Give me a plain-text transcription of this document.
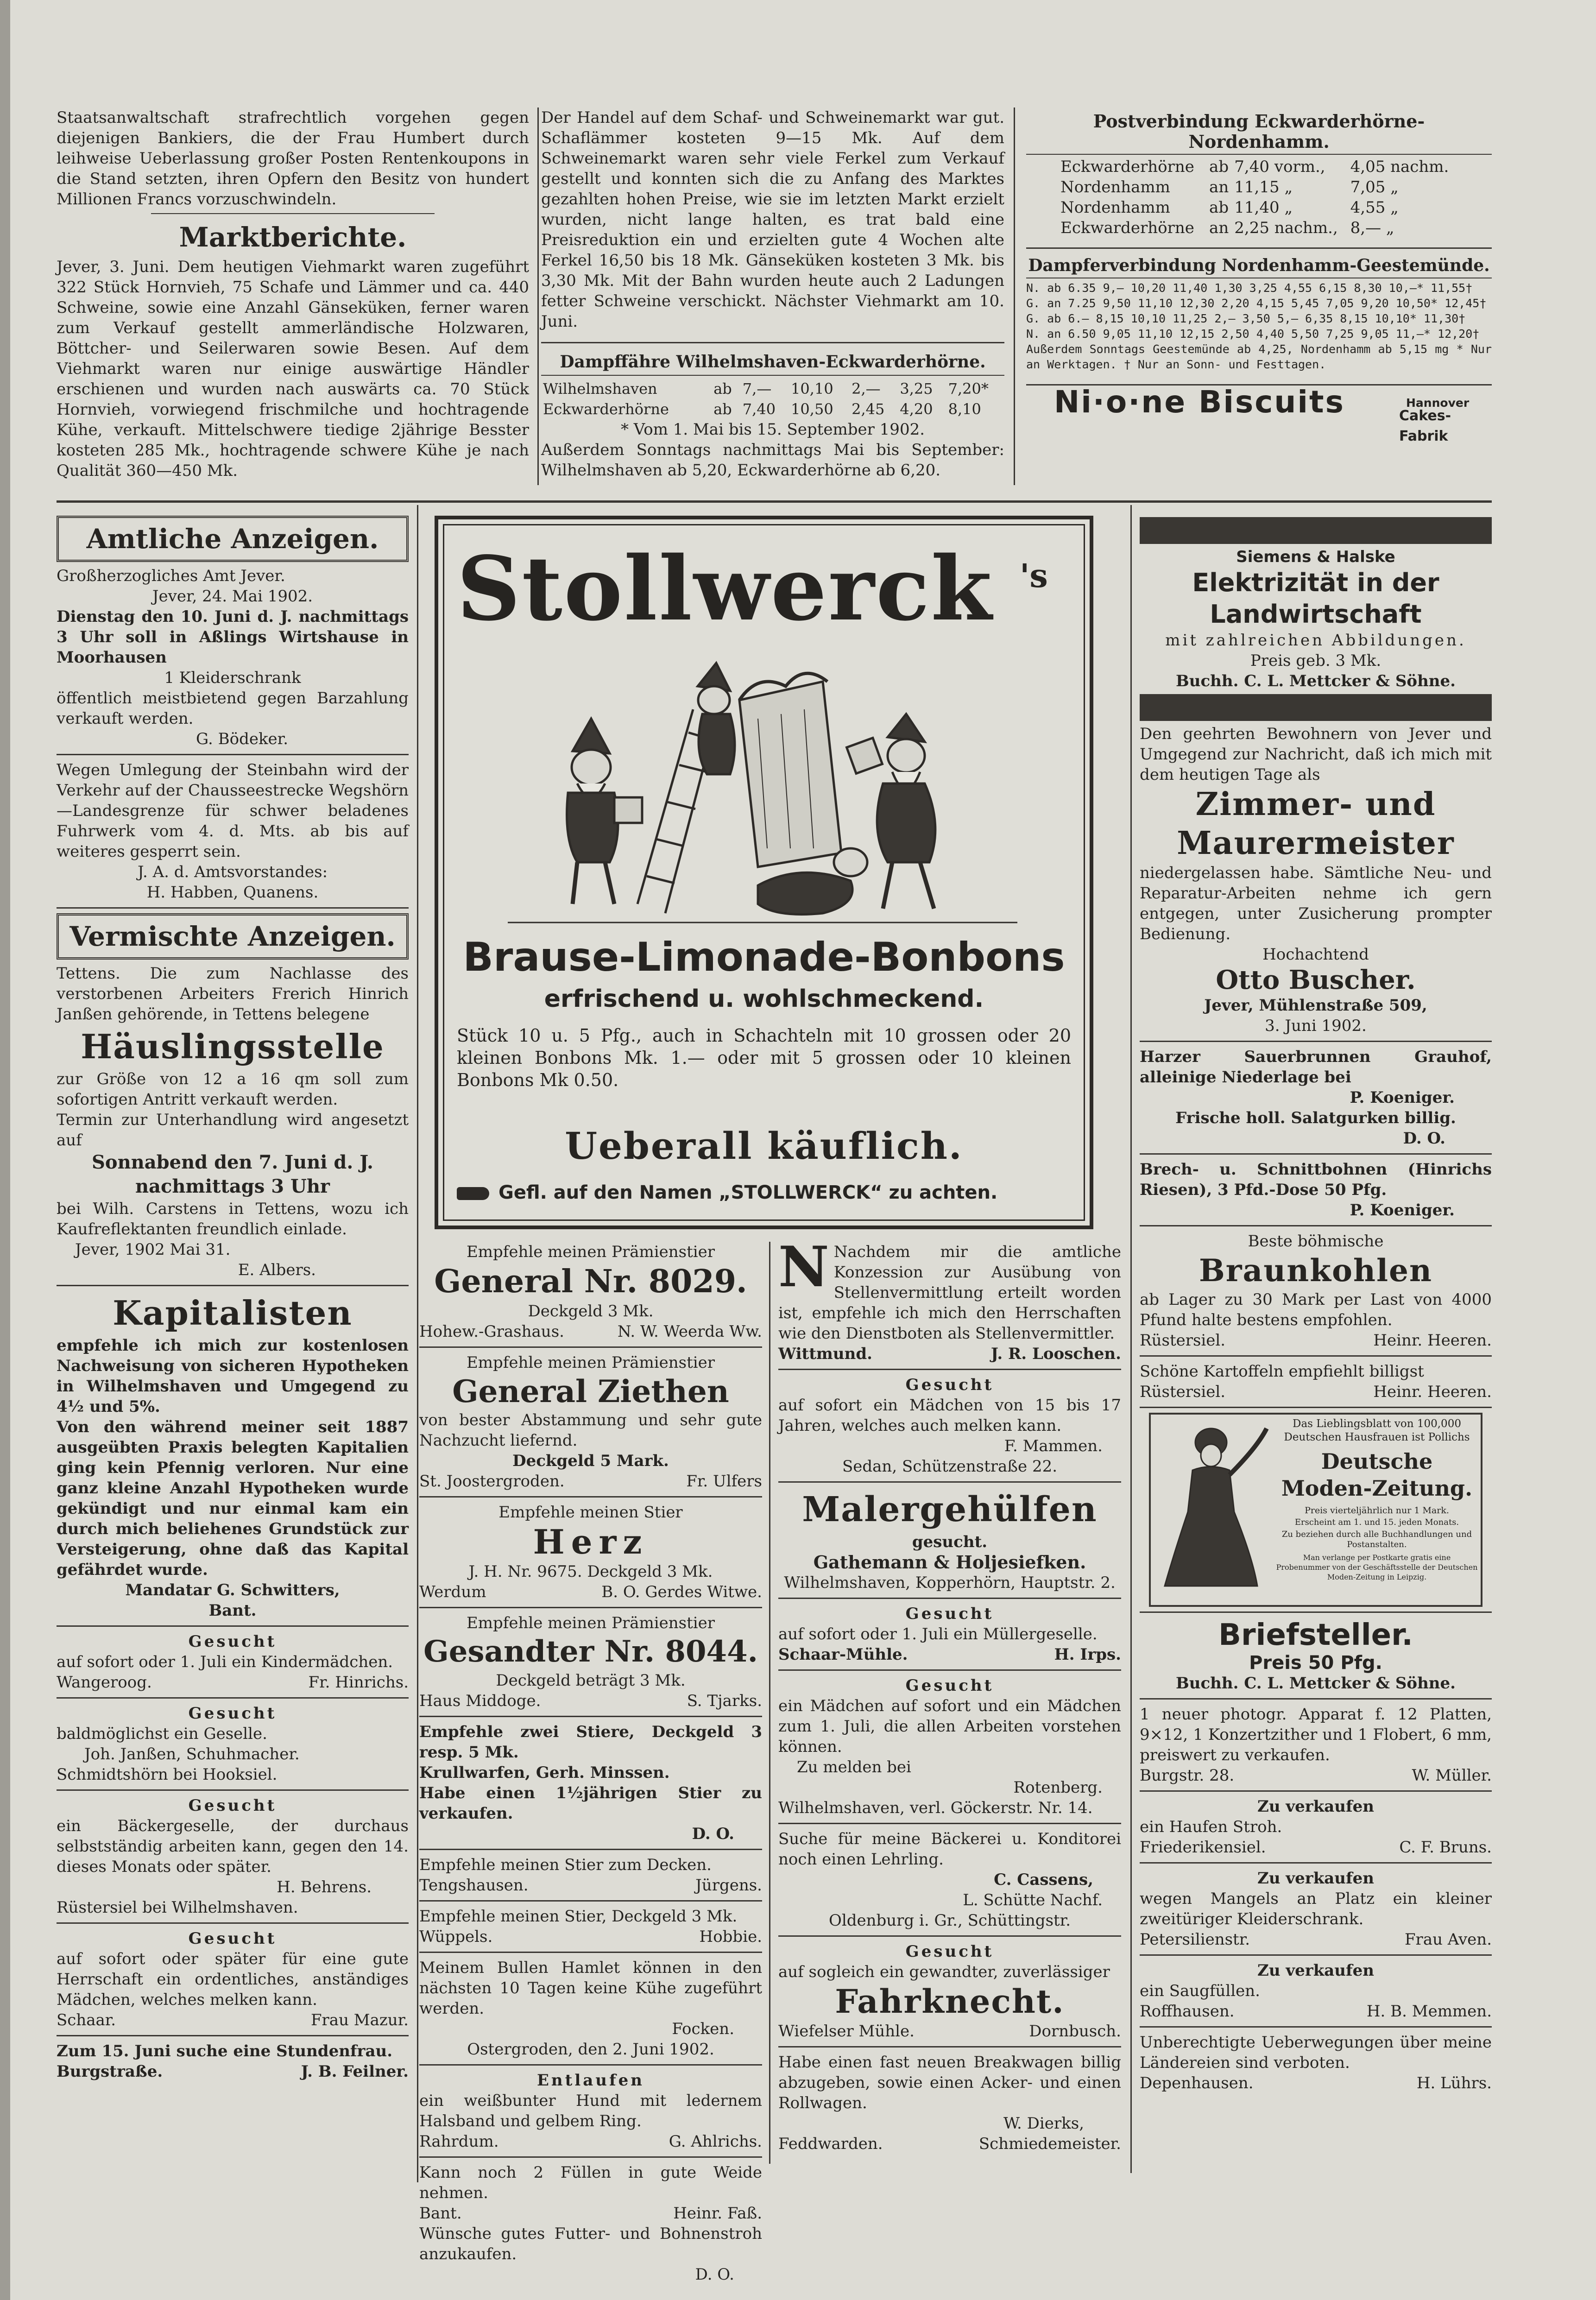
Staatsanwaltschaft strafrechtlich vorgehen gegen diejenigen Bankiers, die der Frau Humbert durch leihweise Ueberlassung großer Posten Rentenkoupons in die Stand setzten, ihren Opfern den Besitz von hundert Millionen Francs vorzuschwindeln.

Marktberichte.

Jever, 3. Juni. Dem heutigen Viehmarkt waren zugeführt 322 Stück Hornvieh, 75 Schafe und Lämmer und ca. 440 Schweine, sowie eine Anzahl Gänseküken, ferner waren zum Verkauf gestellt ammerländische Holzwaren, Böttcher- und Seilerwaren sowie Besen. Auf dem Viehmarkt waren nur einige auswärtige Händler erschienen und wurden nach auswärts ca. 70 Stück Hornvieh, vorwiegend frischmilche und hochtragende Kühe, verkauft. Mittelschwere tiedige 2jährige Besster kosteten 285 Mk., hochtragende schwere Kühe je nach Qualität 360—450 Mk.

Der Handel auf dem Schaf- und Schweinemarkt war gut. Schaflämmer kosteten 9—15 Mk. Auf dem Schweinemarkt waren sehr viele Ferkel zum Verkauf gestellt und konnten sich die zu Anfang des Marktes gezahlten hohen Preise, wie sie im letzten Markt erzielt wurden, nicht lange halten, es trat bald eine Preisreduktion ein und erzielten gute 4 Wochen alte Ferkel 16,50 bis 18 Mk. Gänseküken kosteten 3 Mk. bis 3,30 Mk. Mit der Bahn wurden heute auch 2 Ladungen fetter Schweine verschickt. Nächster Viehmarkt am 10. Juni.

Dampffähre Wilhelmshaven-Eckwarderhörne.

Wilhelmshaven	ab	7,—	10,10	2,—	3,25	7,20*
Eckwarderhörne	ab	7,40	10,50	2,45	4,20	8,10

* Vom 1. Mai bis 15. September 1902.

Außerdem Sonntags nachmittags Mai bis September: Wilhelmshaven ab 5,20, Eckwarderhörne ab 6,20.

Postverbindung Eckwarderhörne-Nordenhamm.

Eckwarderhörne	ab	7,40 vorm.,	4,05 nachm.
Nordenhamm	an	11,15 „	7,05 „
Nordenhamm	ab	11,40 „	4,55 „
Eckwarderhörne	an	2,25 nachm.,	8,— „

Dampferverbindung Nordenhamm-Geestemünde.

N. ab 6.35 9,— 10,20 11,40 1,30 3,25 4,55 6,15 8,30 10,—* 11,55†

G. an 7.25 9,50 11,10 12,30 2,20 4,15 5,45 7,05 9,20 10,50* 12,45†

G. ab 6.— 8,15 10,10 11,25 2,— 3,50 5,— 6,35 8,15 10,10* 11,30†

N. an 6.50 9,05 11,10 12,15 2,50 4,40 5,50 7,25 9,05 11,—* 12,20†

Außerdem Sonntags Geestemünde ab 4,25, Nordenhamm ab 5,15 mg * Nur an Werktagen. † Nur an Sonn- und Festtagen.

Ni·o·ne Biscuits	Hannover
Cakes-Fabrik
Amtliche Anzeigen.

Großherzogliches Amt Jever.

Jever, 24. Mai 1902.

Dienstag den 10. Juni d. J. nachmittags 3 Uhr soll in Aßlings Wirtshause in Moorhausen

1 Kleiderschrank

öffentlich meistbietend gegen Barzahlung verkauft werden.

G. Bödeker.

Wegen Umlegung der Steinbahn wird der Verkehr auf der Chausseestrecke Wegshörn—Landesgrenze für schwer beladenes Fuhrwerk vom 4. d. Mts. ab bis auf weiteres gesperrt sein.

J. A. d. Amtsvorstandes:

H. Habben, Quanens.

Vermischte Anzeigen.

Tettens. Die zum Nachlasse des verstorbenen Arbeiters Frerich Hinrich Janßen gehörende, in Tettens belegene

Häuslingsstelle

zur Größe von 12 a 16 qm soll zum sofortigen Antritt verkauft werden.

Termin zur Unterhandlung wird angesetzt auf

Sonnabend den 7. Juni d. J. nachmittags 3 Uhr

bei Wilh. Carstens in Tettens, wozu ich Kaufreflektanten freundlich einlade.

Jever, 1902 Mai 31.

E. Albers.

Kapitalisten

empfehle ich mich zur kostenlosen Nachweisung von sicheren Hypotheken in Wilhelmshaven und Umgegend zu 4½ und 5%.

Von den während meiner seit 1887 ausgeübten Praxis belegten Kapitalien ging kein Pfennig verloren. Nur eine ganz kleine Anzahl Hypotheken wurde gekündigt und nur einmal kam ein durch mich beliehenes Grundstück zur Versteigerung, ohne daß das Kapital gefährdet wurde.

Mandatar G. Schwitters,

Bant.

Gesucht

auf sofort oder 1. Juli ein Kindermädchen.

Wangeroog.	Fr. Hinrichs.

Gesucht

baldmöglichst ein Geselle.

Joh. Janßen, Schuhmacher.

Schmidtshörn bei Hooksiel.

Gesucht

ein Bäckergeselle, der durchaus selbstständig arbeiten kann, gegen den 14. dieses Monats oder später.

H. Behrens.

Rüstersiel bei Wilhelmshaven.

Gesucht

auf sofort oder später für eine gute Herrschaft ein ordentliches, anständiges Mädchen, welches melken kann.

Schaar.	Frau Mazur.

Zum 15. Juni suche eine Stundenfrau.

Burgstraße.	J. B. Feilner.
Stollwerck 's
Brause-Limonade-Bonbons
erfrischend u. wohlschmeckend.
Stück 10 u. 5 Pfg., auch in Schachteln mit 10 grossen oder 20 kleinen Bonbons Mk. 1.— oder mit 5 grossen oder 10 kleinen Bonbons Mk 0.50.
Ueberall käuflich.
Gefl. auf den Namen „STOLLWERCK“ zu achten.

Empfehle meinen Prämienstier

General Nr. 8029.

Deckgeld 3 Mk.

Hohew.-Grashaus.	N. W. Weerda Ww.

Empfehle meinen Prämienstier

General Ziethen

von bester Abstammung und sehr gute Nachzucht liefernd.

Deckgeld 5 Mark.

St. Joostergroden.	Fr. Ulfers

Empfehle meinen Stier

Herz

J. H. Nr. 9675. Deckgeld 3 Mk.

Werdum	B. O. Gerdes Witwe.

Empfehle meinen Prämienstier

Gesandter Nr. 8044.

Deckgeld beträgt 3 Mk.

Haus Middoge.	S. Tjarks.

Empfehle zwei Stiere, Deckgeld 3 resp. 5 Mk.

Krullwarfen, Gerh. Minssen.

Habe einen 1½jährigen Stier zu verkaufen.

D. O.

Empfehle meinen Stier zum Decken.

Tengshausen.	Jürgens.

Empfehle meinen Stier, Deckgeld 3 Mk.

Wüppels.	Hobbie.

Meinem Bullen Hamlet können in den nächsten 10 Tagen keine Kühe zugeführt werden.

Focken.

Ostergroden, den 2. Juni 1902.

Entlaufen

ein weißbunter Hund mit ledernem Halsband und gelbem Ring.

Rahrdum.	G. Ahlrichs.

Kann noch 2 Füllen in gute Weide nehmen.

Bant.	Heinr. Faß.

Wünsche gutes Futter- und Bohnenstroh anzukaufen.

D. O.

N Nachdem mir die amtliche Konzession zur Ausübung von Stellenvermittlung erteilt worden ist, empfehle ich mich den Herrschaften wie den Dienstboten als Stellenvermittler.

Wittmund.	J. R. Looschen.

Gesucht

auf sofort ein Mädchen von 15 bis 17 Jahren, welches auch melken kann.

F. Mammen.

Sedan, Schützenstraße 22.

Malergehülfen

gesucht.

Gathemann & Holjesiefken.

Wilhelmshaven, Kopperhörn, Hauptstr. 2.

Gesucht

auf sofort oder 1. Juli ein Müllergeselle.

Schaar-Mühle.	H. Irps.

Gesucht

ein Mädchen auf sofort und ein Mädchen zum 1. Juli, die allen Arbeiten vorstehen können.

Zu melden bei

Rotenberg.

Wilhelmshaven, verl. Göckerstr. Nr. 14.

Suche für meine Bäckerei u. Konditorei noch einen Lehrling.

C. Cassens,

L. Schütte Nachf.

Oldenburg i. Gr., Schüttingstr.

Gesucht

auf sogleich ein gewandter, zuverlässiger

Fahrknecht.

Wiefelser Mühle.	Dornbusch.

Habe einen fast neuen Breakwagen billig abzugeben, sowie einen Acker- und einen Rollwagen.

W. Dierks,

Feddwarden.	Schmiedemeister.

Siemens & Halske

Elektrizität in der Landwirtschaft

mit zahlreichen Abbildungen.

Preis geb. 3 Mk.

Buchh. C. L. Mettcker & Söhne.

Den geehrten Bewohnern von Jever und Umgegend zur Nachricht, daß ich mich mit dem heutigen Tage als

Zimmer- und

Maurermeister

niedergelassen habe. Sämtliche Neu- und Reparatur-Arbeiten nehme ich gern entgegen, unter Zusicherung prompter Bedienung.

Hochachtend

Otto Buscher.

Jever, Mühlenstraße 509,

3. Juni 1902.

Harzer Sauerbrunnen Grauhof, alleinige Niederlage bei

P. Koeniger.

Frische holl. Salatgurken billig.

D. O.

Brech- u. Schnittbohnen (Hinrichs Riesen), 3 Pfd.-Dose 50 Pfg.

P. Koeniger.

Beste böhmische

Braunkohlen

ab Lager zu 30 Mark per Last von 4000 Pfund halte bestens empfohlen.

Rüstersiel.	Heinr. Heeren.

Schöne Kartoffeln empfiehlt billigst

Rüstersiel.	Heinr. Heeren.

Das Lieblingsblatt von 100,000 Deutschen Hausfrauen ist Pollichs

Deutsche Moden-Zeitung.

Preis vierteljährlich nur 1 Mark.

Erscheint am 1. und 15. jeden Monats.

Zu beziehen durch alle Buchhandlungen und Postanstalten.

Man verlange per Postkarte gratis eine Probenummer von der Geschäftsstelle der Deutschen Moden-Zeitung in Leipzig.

Briefsteller.

Preis 50 Pfg.

Buchh. C. L. Mettcker & Söhne.

1 neuer photogr. Apparat f. 12 Platten, 9×12, 1 Konzertzither und 1 Flobert, 6 mm, preiswert zu verkaufen.

Burgstr. 28.	W. Müller.

Zu verkaufen

ein Haufen Stroh.

Friederikensiel.	C. F. Bruns.

Zu verkaufen

wegen Mangels an Platz ein kleiner zweitüriger Kleiderschrank.

Petersilienstr.	Frau Aven.

Zu verkaufen

ein Saugfüllen.

Roffhausen.	H. B. Memmen.

Unberechtigte Ueberwegungen über meine Ländereien sind verboten.

Depenhausen.	H. Lührs.
